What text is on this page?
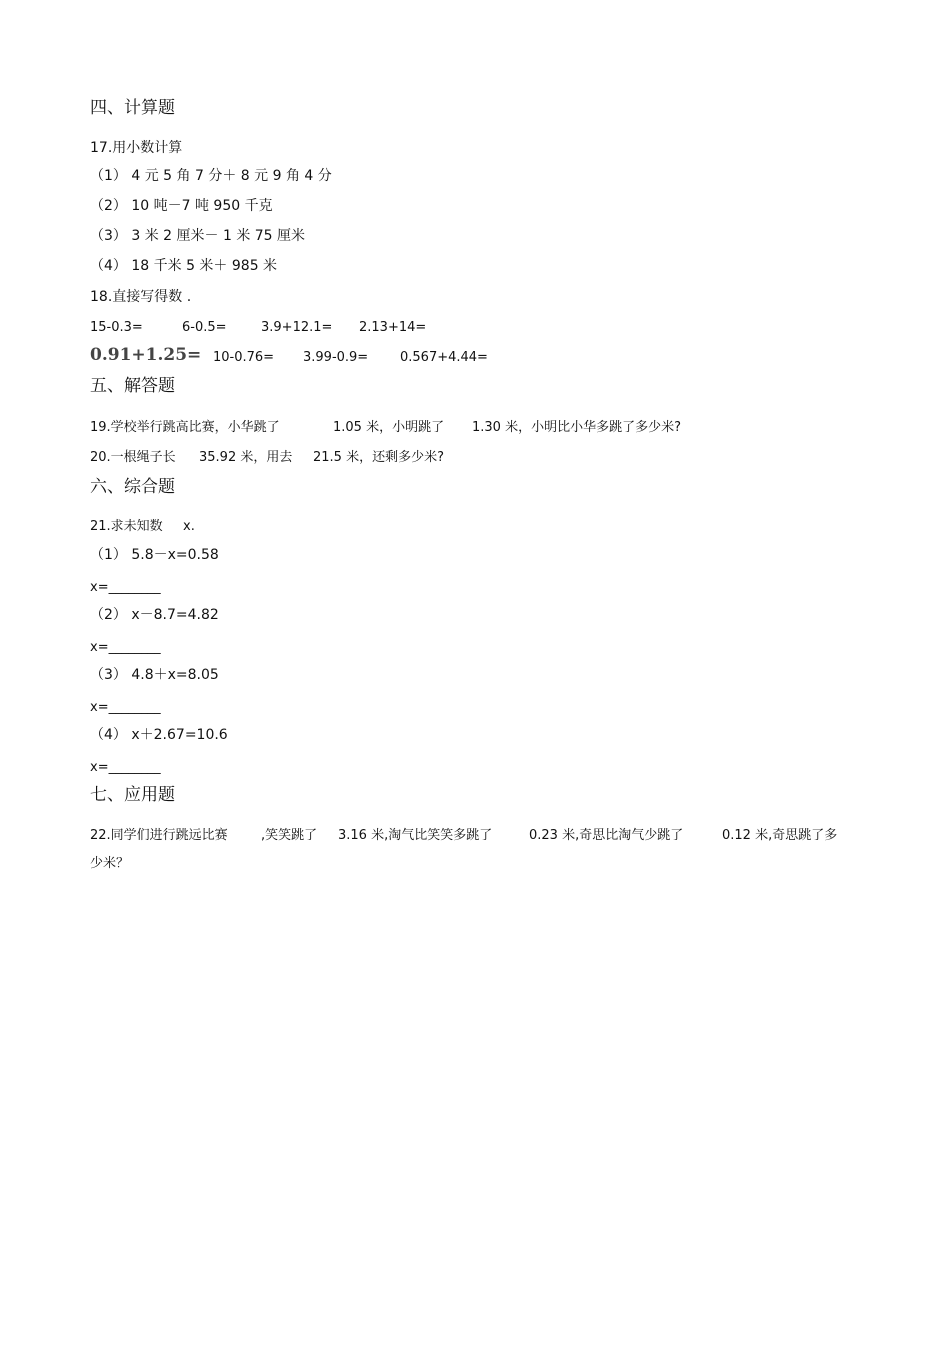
四、计算题
17.用小数计算
（1） 4 元 5 角 7 分＋ 8 元 9 角 4 分
（2） 10 吨－7 吨 950 千克
（3） 3 米 2 厘米－ 1 米 75 厘米
（4） 18 千米 5 米＋ 985 米
18.直接写得数 .
15-0.3=	6-0.5=	3.9+12.1= 2.13+14=
0.91+1.25= 10-0.76= 3.99-0.9= 0.567+4.44=
五、解答题
19.学校举行跳高比赛，小华跳了	1.05 米，小明跳了 1.30 米，小明比小华多跳了多少米?
20.一根绳子长 35.92 米，用去 21.5 米，还剩多少米?
六、综合题
21.求未知数 x.
（1） 5.8－x=0.58
x=________
（2） x－8.7=4.82
x=________
（3） 4.8＋x=8.05
x=________
（4） x＋2.67=10.6
x=________
七、应用题
22.同学们进行跳远比赛	,笑笑跳了 3.16 米,淘气比笑笑多跳了	0.23 米,奇思比淘气少跳了	0.12 米,奇思跳了多
少米？
